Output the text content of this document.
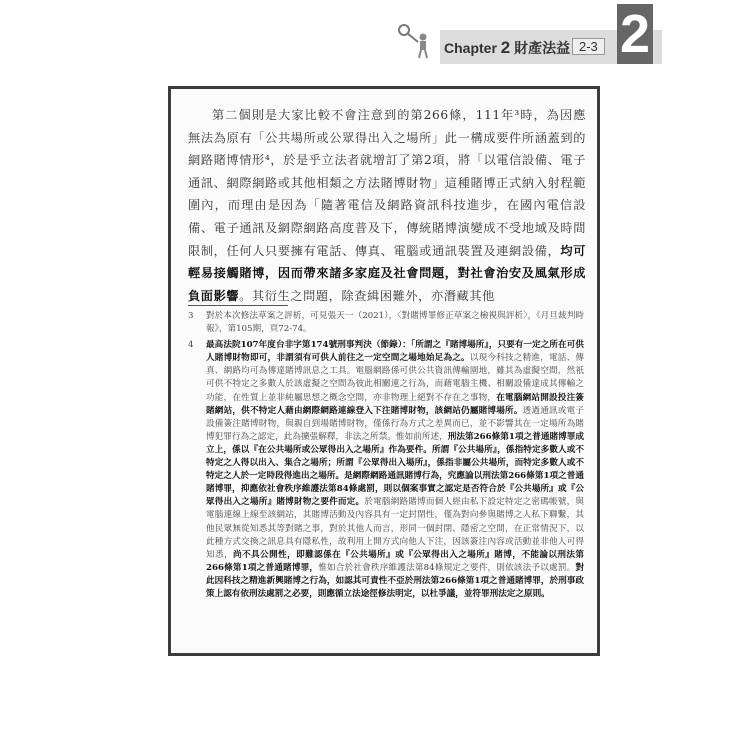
Chapter 2 財產法益 2-3 2

第二個則是大家比較不會注意到的第266條，111年³時，為因應無法為原有「公共場所或公眾得出入之場所」此一構成要件所涵蓋到的網路賭博情形⁴，於是乎立法者就增訂了第2項，將「以電信設備、電子通訊、網際網路或其他相類之方法賭博財物」這種賭博正式納入射程範圍內，而理由是因為「隨著電信及網路資訊科技進步，在國內電信設備、電子通訊及網際網路高度普及下，傳統賭博演變成不受地域及時間限制，任何人只要擁有電話、傳真、電腦或通訊裝置及連網設備，均可輕易接觸賭博，因而帶來諸多家庭及社會問題，對社會治安及風氣形成負面影響。其衍生之問題，除查緝困難外，亦潛藏其他

3 對於本次修法草案之評析，可見張天一（2021），〈對賭博罪修正草案之檢視與評析〉，《月旦裁判時報》，第105期，頁72-74。

4 最高法院107年度台非字第174號刑事判決（節錄）：「所謂之『賭博場所』，只要有一定之所在可供人賭博財物即可，非謂須有可供人前往之一定空間之場地始足為之。以現今科技之精進，電話、傳真、網路均可為傳達賭博訊息之工具。電腦網路係可供公共資訊傳輸園地，雖其為虛擬空間，然祇可供不特定之多數人於該虛擬之空間為彼此相關連之行為，而藉電腦主機、相關設備達成其傳輸之功能，在性質上並非純屬思想之概念空間，亦非物理上絕對不存在之事物，在電腦網站開設投注簽賭網站，供不特定人藉由網際網路連線登入下注賭博財物，該網站仍屬賭博場所。透過通訊或電子設備簽注賭博財物，與親自到場賭博財物，僅係行為方式之差異而已，並不影響其在一定場所為賭博犯罪行為之認定，此為擴張解釋，非法之所禁。惟如前所述，刑法第266條第1項之普通賭博罪成立上，係以『在公共場所或公眾得出入之場所』作為要件。所謂『公共場所』，係指特定多數人或不特定之人得以出入、集合之場所；所謂『公眾得出入場所』，係指非屬公共場所，而特定多數人或不特定之人於一定時段得進出之場所。是網際網路通訊賭博行為，究應論以刑法第266條第1項之普通賭博罪，抑應依社會秩序維護法第84條處罰，則以個案事實之認定是否符合於『公共場所』或『公眾得出入之場所』賭博財物之要件而定。於電腦網路賭博而個人經由私下設定特定之密碼帳號，與電腦連線上線至該網站，其賭博活動及內容具有一定封閉性，僅為對向參與賭博之人私下聯繫，其他民眾無從知悉其等對賭之事，對於其他人而言，形同一個封閉、隱密之空間，在正常情況下，以此種方式交換之訊息具有隱私性，故利用上開方式向他人下注，因該簽注內容或活動並非他人可得知悉，尚不具公開性，即難認係在『公共場所』或『公眾得出入之場所』賭博，不能論以刑法第266條第1項之普通賭博罪，惟如合於社會秩序維護法第84條規定之要件，則依該法予以處罰。對此因科技之精進新興賭博之行為，如認其可責性不亞於刑法第266條第1項之普通賭博罪，於刑事政策上認有依刑法處罰之必要，則應循立法途徑修法明定，以杜爭議，並符罪刑法定之原則。
